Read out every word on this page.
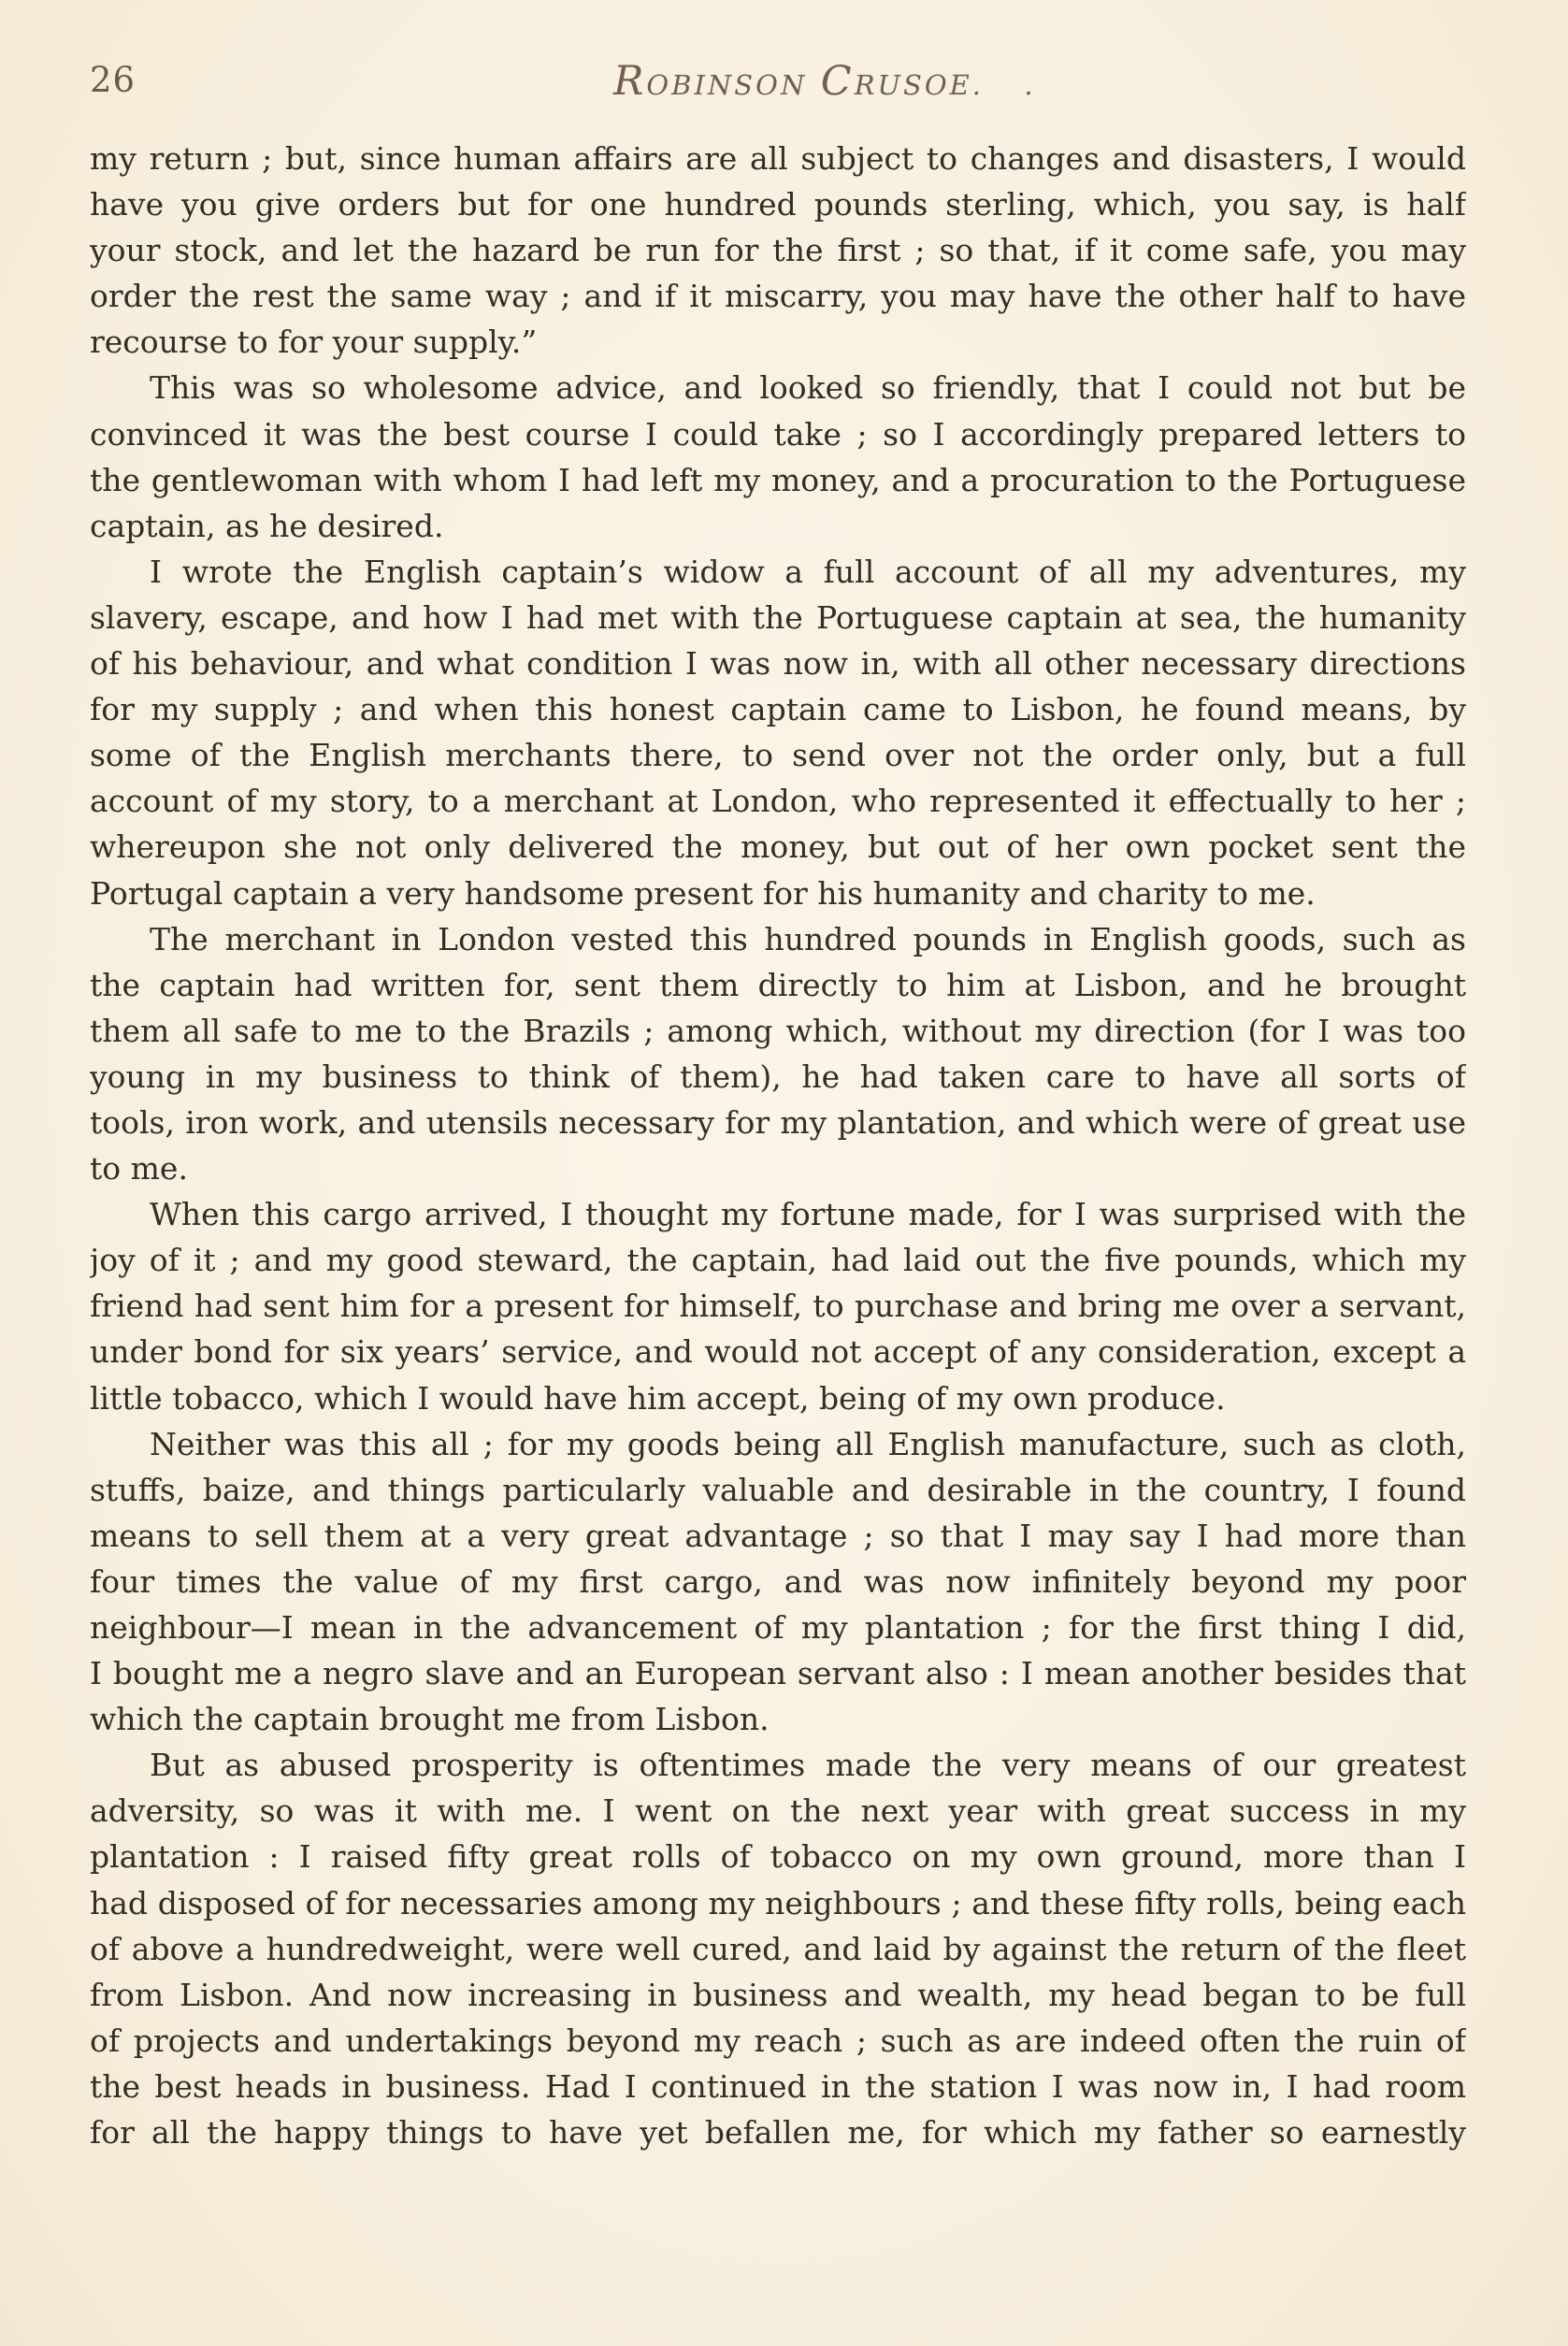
26	ROBINSON CRUSOE. .
my return ; but, since human affairs are all subject to changes and disasters, I would
have you give orders but for one hundred pounds sterling, which, you say, is half
your stock, and let the hazard be run for the first ; so that, if it come safe, you may
order the rest the same way ; and if it miscarry, you may have the other half to have
recourse to for your supply.”
This was so wholesome advice, and looked so friendly, that I could not but be
convinced it was the best course I could take ; so I accordingly prepared letters to
the gentlewoman with whom I had left my money, and a procuration to the Portuguese
captain, as he desired.
I wrote the English captain’s widow a full account of all my adventures, my
slavery, escape, and how I had met with the Portuguese captain at sea, the humanity
of his behaviour, and what condition I was now in, with all other necessary directions
for my supply ; and when this honest captain came to Lisbon, he found means, by
some of the English merchants there, to send over not the order only, but a full
account of my story, to a merchant at London, who represented it effectually to her ;
whereupon she not only delivered the money, but out of her own pocket sent the
Portugal captain a very handsome present for his humanity and charity to me.
The merchant in London vested this hundred pounds in English goods, such as
the captain had written for, sent them directly to him at Lisbon, and he brought
them all safe to me to the Brazils ; among which, without my direction (for I was too
young in my business to think of them), he had taken care to have all sorts of
tools, iron work, and utensils necessary for my plantation, and which were of great use
to me.
When this cargo arrived, I thought my fortune made, for I was surprised with the
joy of it ; and my good steward, the captain, had laid out the five pounds, which my
friend had sent him for a present for himself, to purchase and bring me over a servant,
under bond for six years’ service, and would not accept of any consideration, except a
little tobacco, which I would have him accept, being of my own produce.
Neither was this all ; for my goods being all English manufacture, such as cloth,
stuffs, baize, and things particularly valuable and desirable in the country, I found
means to sell them at a very great advantage ; so that I may say I had more than
four times the value of my first cargo, and was now infinitely beyond my poor
neighbour—I mean in the advancement of my plantation ; for the first thing I did,
I bought me a negro slave and an European servant also : I mean another besides that
which the captain brought me from Lisbon.
But as abused prosperity is oftentimes made the very means of our greatest
adversity, so was it with me. I went on the next year with great success in my
plantation : I raised fifty great rolls of tobacco on my own ground, more than I
had disposed of for necessaries among my neighbours ; and these fifty rolls, being each
of above a hundredweight, were well cured, and laid by against the return of the fleet
from Lisbon. And now increasing in business and wealth, my head began to be full
of projects and undertakings beyond my reach ; such as are indeed often the ruin of
the best heads in business. Had I continued in the station I was now in, I had room
for all the happy things to have yet befallen me, for which my father so earnestly
